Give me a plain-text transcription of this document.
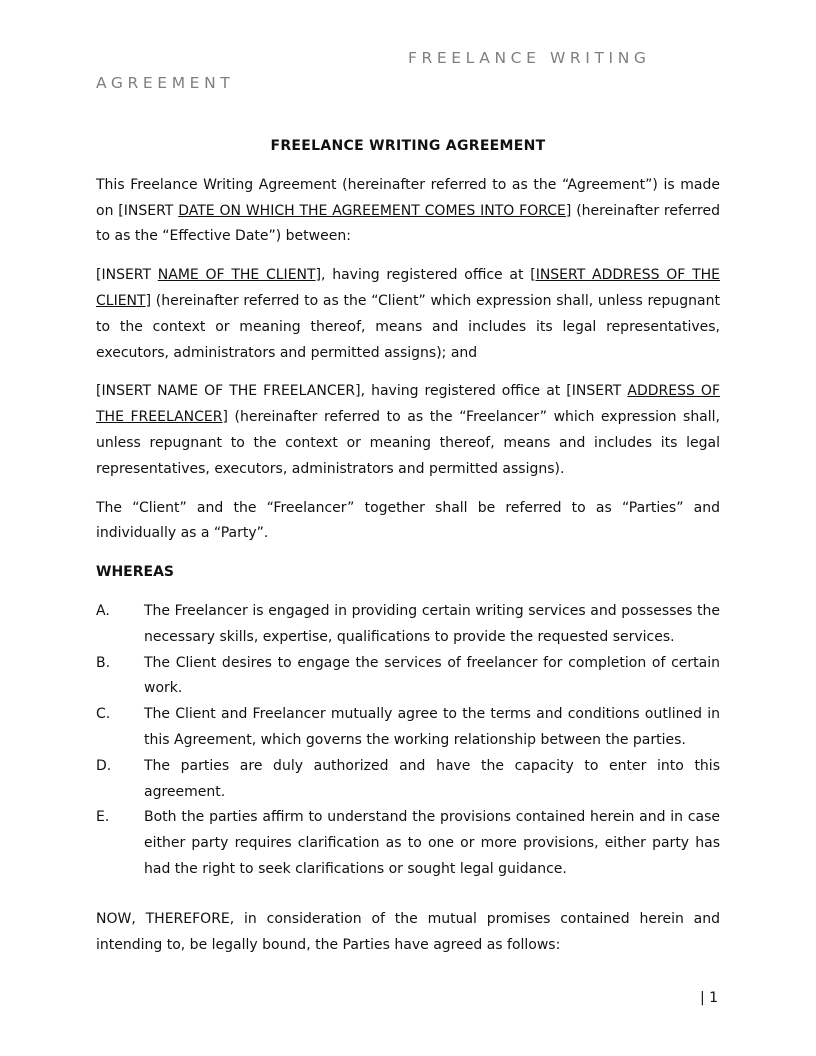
FREELANCE WRITING AGREEMENT

FREELANCE WRITING AGREEMENT

This Freelance Writing Agreement (hereinafter referred to as the “Agreement”) is made on [INSERT DATE ON WHICH THE AGREEMENT COMES INTO FORCE] (hereinafter referred to as the “Effective Date”) between:

[INSERT NAME OF THE CLIENT], having registered office at [INSERT ADDRESS OF THE CLIENT] (hereinafter referred to as the “Client” which expression shall, unless repugnant to the context or meaning thereof, means and includes its legal representatives, executors, administrators and permitted assigns); and

[INSERT NAME OF THE FREELANCER], having registered office at [INSERT ADDRESS OF THE FREELANCER] (hereinafter referred to as the “Freelancer” which expression shall, unless repugnant to the context or meaning thereof, means and includes its legal representatives, executors, administrators and permitted assigns).

The “Client” and the “Freelancer” together shall be referred to as “Parties” and individually as a “Party”.

WHEREAS

A.	The Freelancer is engaged in providing certain writing services and possesses the necessary skills, expertise, qualifications to provide the requested services.
B.	The Client desires to engage the services of freelancer for completion of certain work.
C.	The Client and Freelancer mutually agree to the terms and conditions outlined in this Agreement, which governs the working relationship between the parties.
D.	The parties are duly authorized and have the capacity to enter into this agreement.
E.	Both the parties affirm to understand the provisions contained herein and in case either party requires clarification as to one or more provisions, either party has had the right to seek clarifications or sought legal guidance.

NOW, THEREFORE, in consideration of the mutual promises contained herein and intending to, be legally bound, the Parties have agreed as follows:

| 1
